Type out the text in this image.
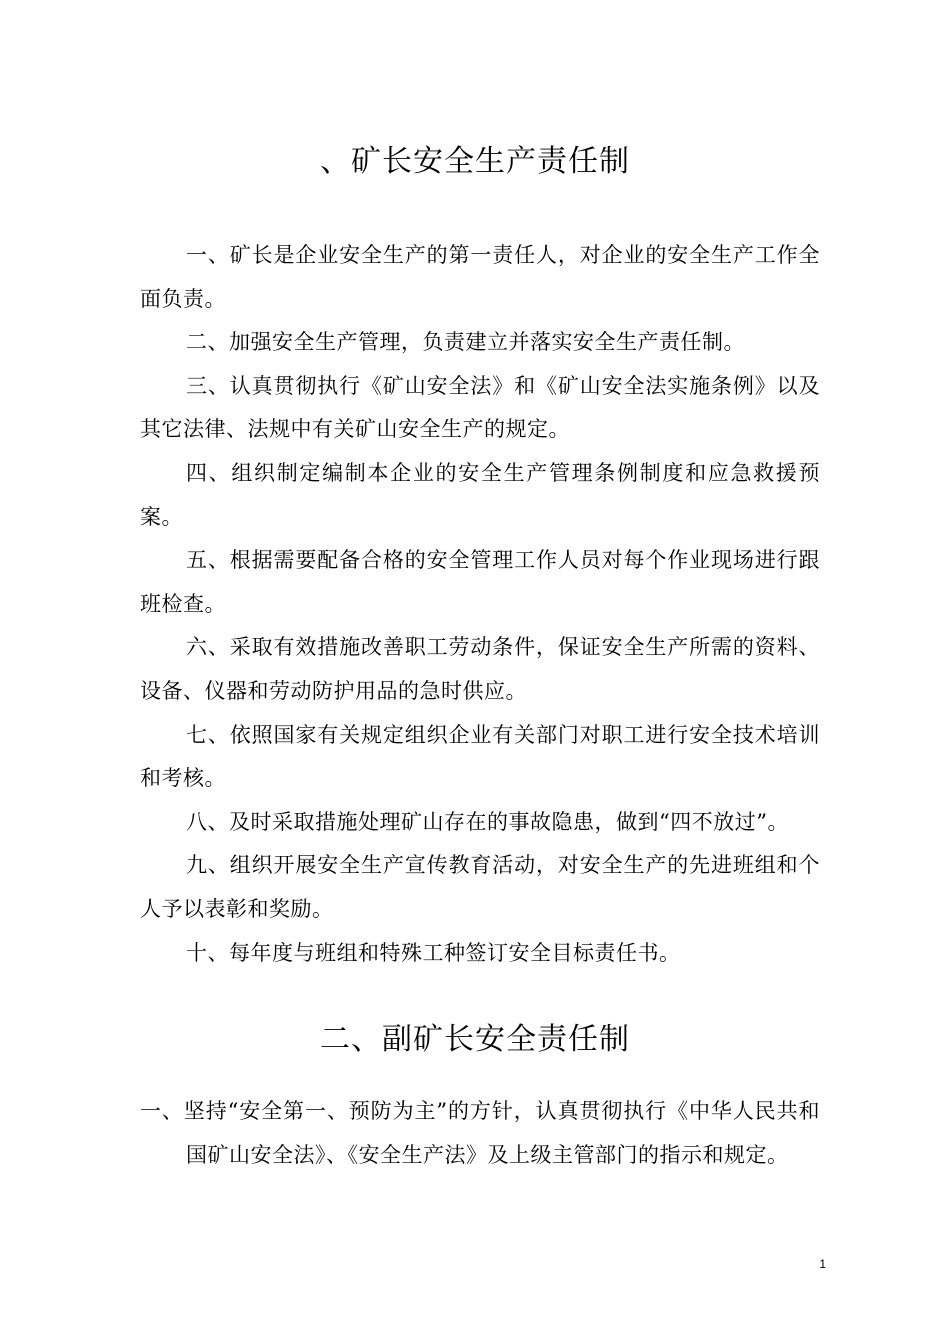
、矿长安全生产责任制

一、矿长是企业安全生产的第一责任人，对企业的安全生产工作全面负责。

二、加强安全生产管理，负责建立并落实安全生产责任制。

三、认真贯彻执行《矿山安全法》和《矿山安全法实施条例》以及其它法律、法规中有关矿山安全生产的规定。

四、组织制定编制本企业的安全生产管理条例制度和应急救援预案。

五、根据需要配备合格的安全管理工作人员对每个作业现场进行跟班检查。

六、采取有效措施改善职工劳动条件，保证安全生产所需的资料、设备、仪器和劳动防护用品的急时供应。

七、依照国家有关规定组织企业有关部门对职工进行安全技术培训和考核。

八、及时采取措施处理矿山存在的事故隐患，做到“四不放过”。

九、组织开展安全生产宣传教育活动，对安全生产的先进班组和个人予以表彰和奖励。

十、每年度与班组和特殊工种签订安全目标责任书。

二、副矿长安全责任制

一、坚持“安全第一、预防为主”的方针，认真贯彻执行《中华人民共和国矿山安全法》、《安全生产法》及上级主管部门的指示和规定。

1
